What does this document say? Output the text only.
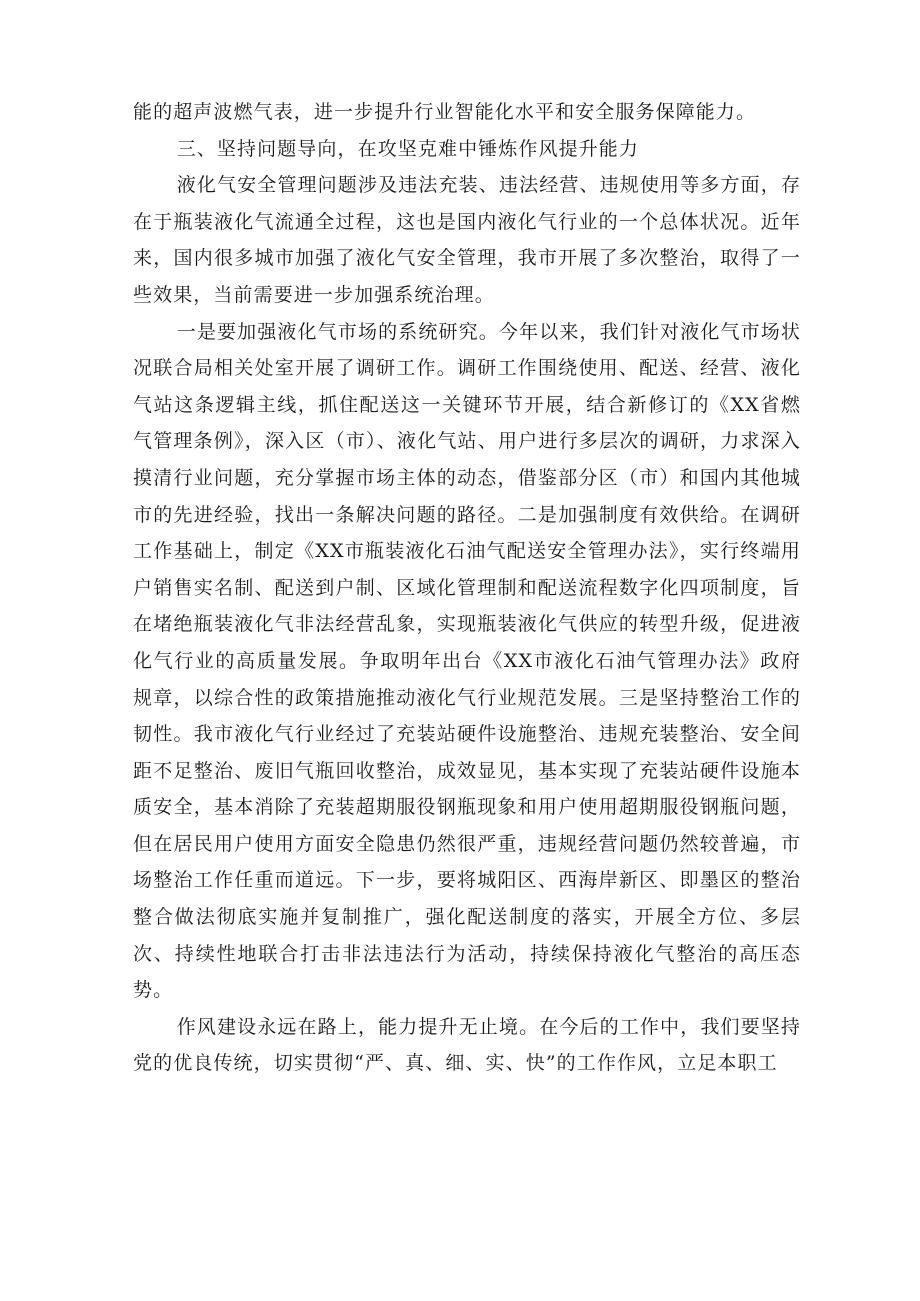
能的超声波燃气表，进一步提升行业智能化水平和安全服务保障能力。

三、坚持问题导向，在攻坚克难中锤炼作风提升能力

液化气安全管理问题涉及违法充装、违法经营、违规使用等多方面，存在于瓶装液化气流通全过程，这也是国内液化气行业的一个总体状况。近年来，国内很多城市加强了液化气安全管理，我市开展了多次整治，取得了一些效果，当前需要进一步加强系统治理。

一是要加强液化气市场的系统研究。今年以来，我们针对液化气市场状况联合局相关处室开展了调研工作。调研工作围绕使用、配送、经营、液化气站这条逻辑主线，抓住配送这一关键环节开展，结合新修订的《XX省燃气管理条例》，深入区（市）、液化气站、用户进行多层次的调研，力求深入摸清行业问题，充分掌握市场主体的动态，借鉴部分区（市）和国内其他城市的先进经验，找出一条解决问题的路径。二是加强制度有效供给。在调研工作基础上，制定《XX市瓶装液化石油气配送安全管理办法》，实行终端用户销售实名制、配送到户制、区域化管理制和配送流程数字化四项制度，旨在堵绝瓶装液化气非法经营乱象，实现瓶装液化气供应的转型升级，促进液化气行业的高质量发展。争取明年出台《XX市液化石油气管理办法》政府规章，以综合性的政策措施推动液化气行业规范发展。三是坚持整治工作的韧性。我市液化气行业经过了充装站硬件设施整治、违规充装整治、安全间距不足整治、废旧气瓶回收整治，成效显见，基本实现了充装站硬件设施本质安全，基本消除了充装超期服役钢瓶现象和用户使用超期服役钢瓶问题，但在居民用户使用方面安全隐患仍然很严重，违规经营问题仍然较普遍，市场整治工作任重而道远。下一步，要将城阳区、西海岸新区、即墨区的整治整合做法彻底实施并复制推广，强化配送制度的落实，开展全方位、多层次、持续性地联合打击非法违法行为活动，持续保持液化气整治的高压态势。

作风建设永远在路上，能力提升无止境。在今后的工作中，我们要坚持党的优良传统，切实贯彻“严、真、细、实、快”的工作作风，立足本职工
